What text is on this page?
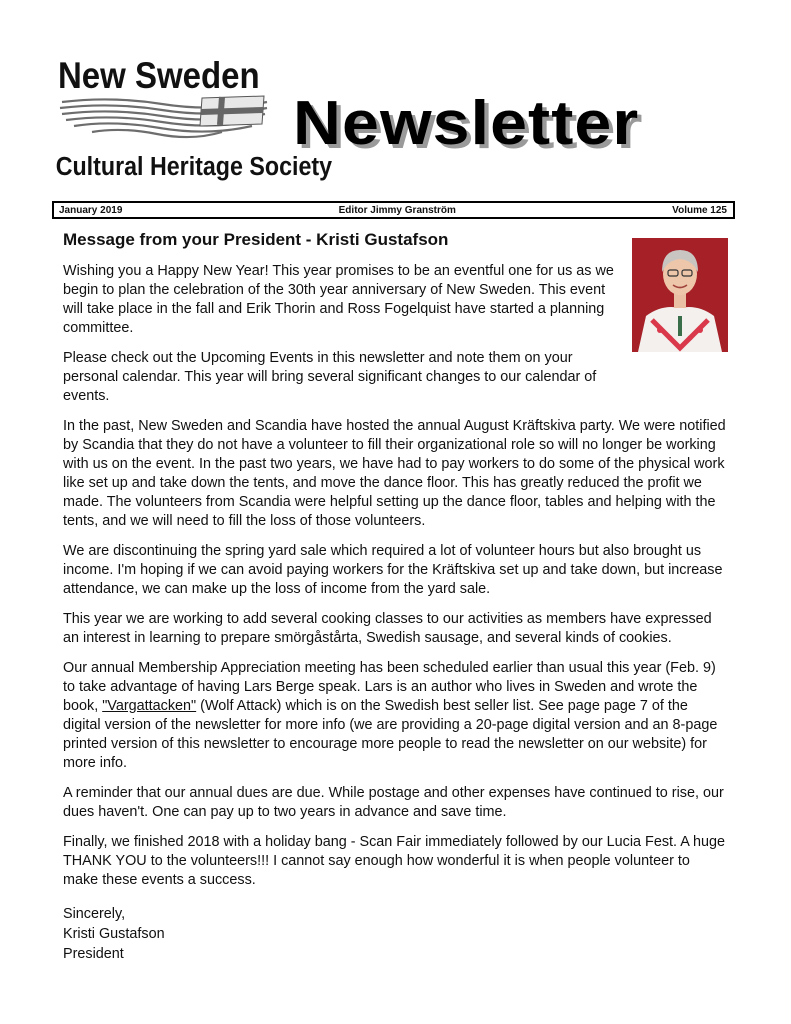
New Sweden
Cultural Heritage Society
Newsletter
January 2019	Editor Jimmy Granström	Volume 125
Message from your President - Kristi Gustafson

Wishing you a Happy New Year! This year promises to be an eventful one for us as we begin to plan the celebration of the 30th year anniversary of New Sweden. This event will take place in the fall and Erik Thorin and Ross Fogelquist have started a planning committee.

Please check out the Upcoming Events in this newsletter and note them on your personal calendar. This year will bring several significant changes to our calendar of events.

In the past, New Sweden and Scandia have hosted the annual August Kräftskiva party. We were notified by Scandia that they do not have a volunteer to fill their organizational role so will no longer be working with us on the event. In the past two years, we have had to pay workers to do some of the physical work like set up and take down the tents, and move the dance floor. This has greatly reduced the profit we made. The volunteers from Scandia were helpful setting up the dance floor, tables and helping with the tents, and we will need to fill the loss of those volunteers.

We are discontinuing the spring yard sale which required a lot of volunteer hours but also brought us income. I'm hoping if we can avoid paying workers for the Kräftskiva set up and take down, but increase attendance, we can make up the loss of income from the yard sale.

This year we are working to add several cooking classes to our activities as members have expressed an interest in learning to prepare smörgåstårta, Swedish sausage, and several kinds of cookies.

Our annual Membership Appreciation meeting has been scheduled earlier than usual this year (Feb. 9) to take advantage of having Lars Berge speak. Lars is an author who lives in Sweden and wrote the book, "Vargattacken" (Wolf Attack) which is on the Swedish best seller list. See page page 7 of the digital version of the newsletter for more info (we are providing a 20-page digital version and an 8-page printed version of this newsletter to encourage more people to read the newsletter on our website) for more info.

A reminder that our annual dues are due. While postage and other expenses have continued to rise, our dues haven't. One can pay up to two years in advance and save time.

Finally, we finished 2018 with a holiday bang - Scan Fair immediately followed by our Lucia Fest. A huge THANK YOU to the volunteers!!! I cannot say enough how wonderful it is when people volunteer to make these events a success.

Sincerely,
Kristi Gustafson
President
